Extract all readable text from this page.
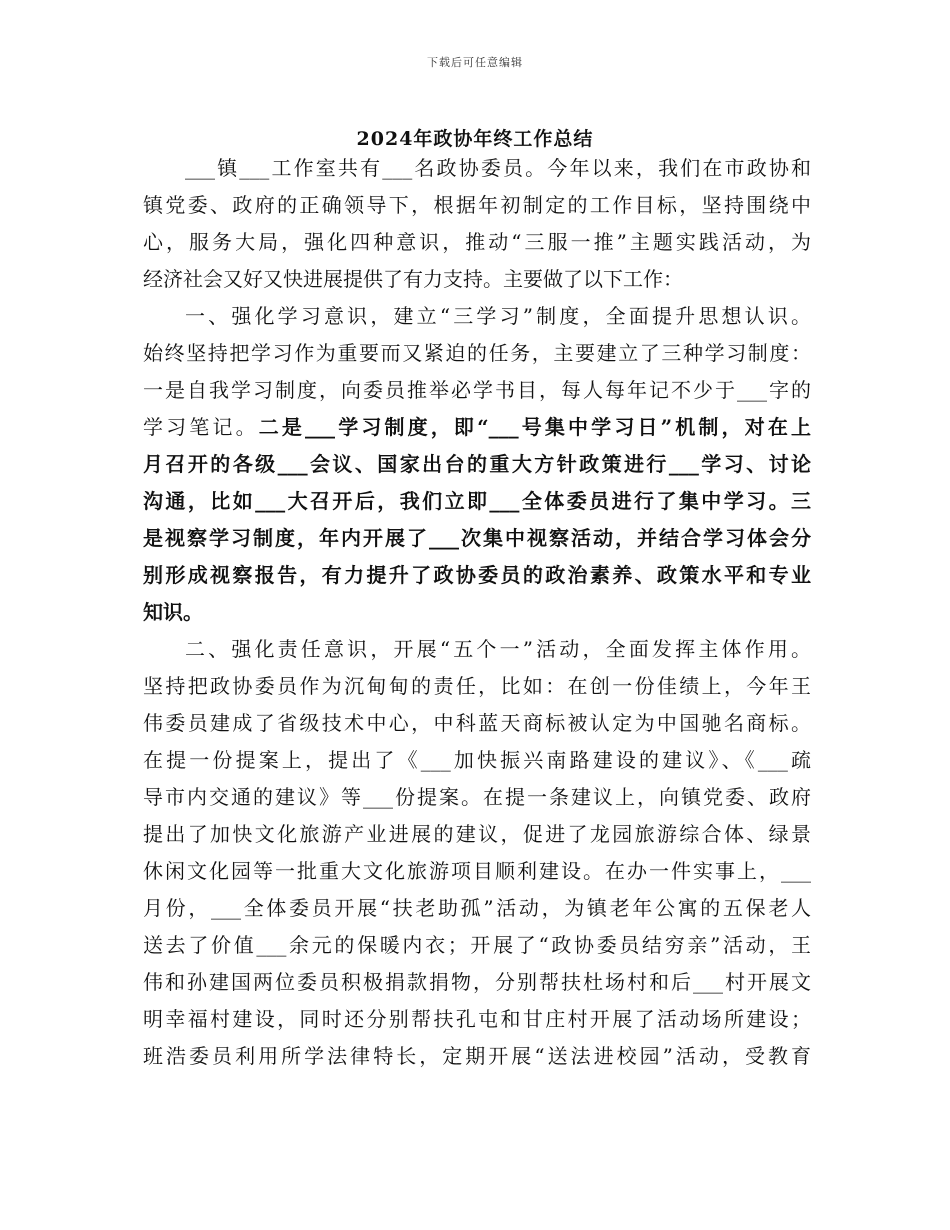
下载后可任意编辑
2024年政协年终工作总结
___镇___工作室共有___名政协委员。今年以来，我们在市政协和
镇党委、政府的正确领导下，根据年初制定的工作目标，坚持围绕中
心，服务大局，强化四种意识，推动“三服一推”主题实践活动，为
经济社会又好又快进展提供了有力支持。主要做了以下工作：
一、强化学习意识，建立“三学习”制度，全面提升思想认识。
始终坚持把学习作为重要而又紧迫的任务，主要建立了三种学习制度：
一是自我学习制度，向委员推举必学书目，每人每年记不少于___字的
学习笔记。二是___学习制度，即“___号集中学习日”机制，对在上
月召开的各级___会议、国家出台的重大方针政策进行___学习、讨论
沟通，比如___大召开后，我们立即___全体委员进行了集中学习。三
是视察学习制度，年内开展了___次集中视察活动，并结合学习体会分
别形成视察报告，有力提升了政协委员的政治素养、政策水平和专业
知识。
二、强化责任意识，开展“五个一”活动，全面发挥主体作用。
坚持把政协委员作为沉甸甸的责任，比如：在创一份佳绩上，今年王
伟委员建成了省级技术中心，中科蓝天商标被认定为中国驰名商标。
在提一份提案上，提出了《___加快振兴南路建设的建议》、《___疏
导市内交通的建议》等___份提案。在提一条建议上，向镇党委、政府
提出了加快文化旅游产业进展的建议，促进了龙园旅游综合体、绿景
休闲文化园等一批重大文化旅游项目顺利建设。在办一件实事上，___
月份，___全体委员开展“扶老助孤”活动，为镇老年公寓的五保老人
送去了价值___余元的保暖内衣；开展了“政协委员结穷亲”活动，王
伟和孙建国两位委员积极捐款捐物，分别帮扶杜场村和后___村开展文
明幸福村建设，同时还分别帮扶孔屯和甘庄村开展了活动场所建设；
班浩委员利用所学法律特长，定期开展“送法进校园”活动，受教育
